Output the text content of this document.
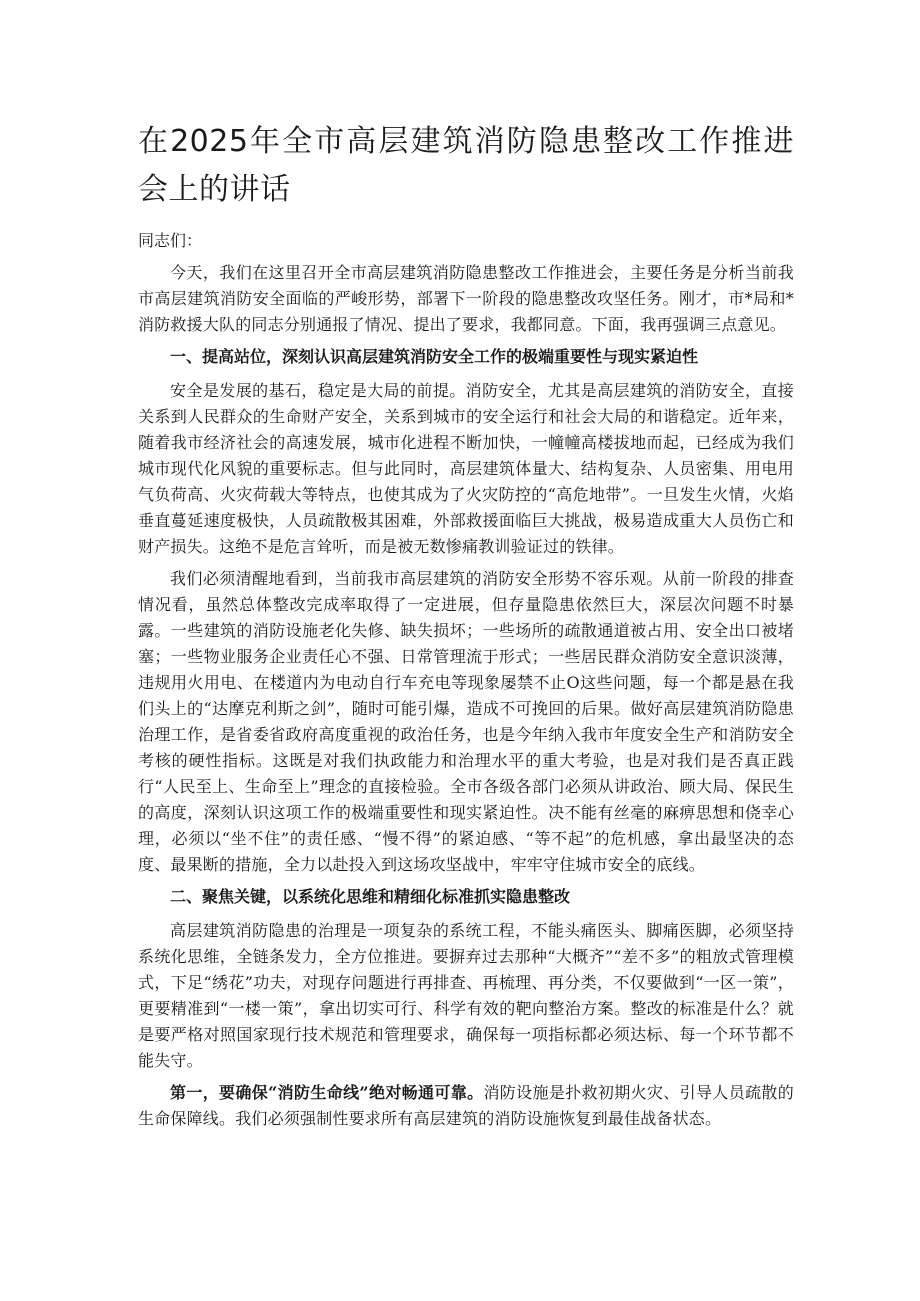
在2025年全市高层建筑消防隐患整改工作推进会上的讲话
同志们：

今天，我们在这里召开全市高层建筑消防隐患整改工作推进会，主要任务是分析当前我市高层建筑消防安全面临的严峻形势，部署下一阶段的隐患整改攻坚任务。刚才，市*局和*消防救援大队的同志分别通报了情况、提出了要求，我都同意。下面，我再强调三点意见。

一、提高站位，深刻认识高层建筑消防安全工作的极端重要性与现实紧迫性

安全是发展的基石，稳定是大局的前提。消防安全，尤其是高层建筑的消防安全，直接关系到人民群众的生命财产安全，关系到城市的安全运行和社会大局的和谐稳定。近年来，随着我市经济社会的高速发展，城市化进程不断加快，一幢幢高楼拔地而起，已经成为我们城市现代化风貌的重要标志。但与此同时，高层建筑体量大、结构复杂、人员密集、用电用气负荷高、火灾荷载大等特点，也使其成为了火灾防控的“高危地带”。一旦发生火情，火焰垂直蔓延速度极快，人员疏散极其困难，外部救援面临巨大挑战，极易造成重大人员伤亡和财产损失。这绝不是危言耸听，而是被无数惨痛教训验证过的铁律。

我们必须清醒地看到，当前我市高层建筑的消防安全形势不容乐观。从前一阶段的排查情况看，虽然总体整改完成率取得了一定进展，但存量隐患依然巨大，深层次问题不时暴露。一些建筑的消防设施老化失修、缺失损坏；一些场所的疏散通道被占用、安全出口被堵塞；一些物业服务企业责任心不强、日常管理流于形式；一些居民群众消防安全意识淡薄，违规用火用电、在楼道内为电动自行车充电等现象屡禁不止O这些问题，每一个都是悬在我们头上的“达摩克利斯之剑”，随时可能引爆，造成不可挽回的后果。做好高层建筑消防隐患治理工作，是省委省政府高度重视的政治任务，也是今年纳入我市年度安全生产和消防安全考核的硬性指标。这既是对我们执政能力和治理水平的重大考验，也是对我们是否真正践行“人民至上、生命至上”理念的直接检验。全市各级各部门必须从讲政治、顾大局、保民生的高度，深刻认识这项工作的极端重要性和现实紧迫性。决不能有丝毫的麻痹思想和侥幸心理，必须以“坐不住”的责任感、“慢不得”的紧迫感、“等不起”的危机感，拿出最坚决的态度、最果断的措施，全力以赴投入到这场攻坚战中，牢牢守住城市安全的底线。

二、聚焦关键，以系统化思维和精细化标准抓实隐患整改

高层建筑消防隐患的治理是一项复杂的系统工程，不能头痛医头、脚痛医脚，必须坚持系统化思维，全链条发力，全方位推进。要摒弃过去那种“大概齐”“差不多”的粗放式管理模式，下足“绣花”功夫，对现存问题进行再排查、再梳理、再分类，不仅要做到“一区一策”，更要精准到“一楼一策”，拿出切实可行、科学有效的靶向整治方案。整改的标准是什么？就是要严格对照国家现行技术规范和管理要求，确保每一项指标都必须达标、每一个环节都不能失守。

第一，要确保“消防生命线”绝对畅通可靠。消防设施是扑救初期火灾、引导人员疏散的生命保障线。我们必须强制性要求所有高层建筑的消防设施恢复到最佳战备状态。
